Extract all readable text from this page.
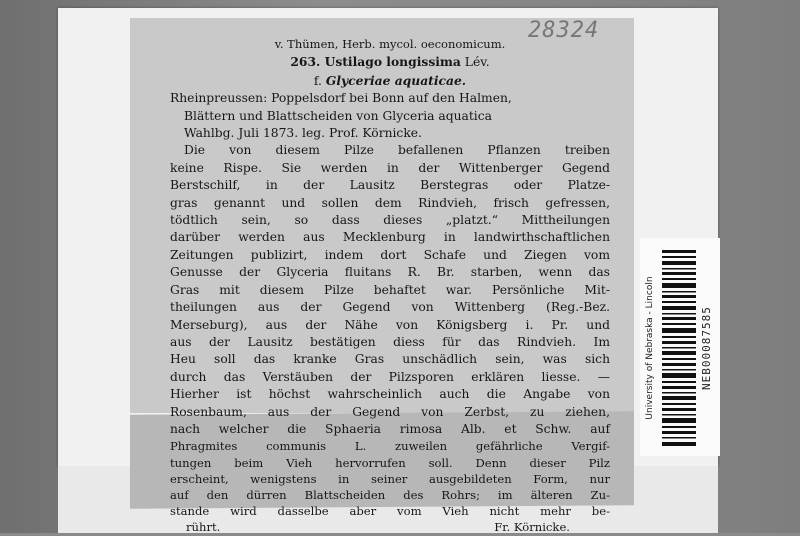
28324
v. Thümen, Herb. mycol. oeconomicum.
263. Ustilago longissima Lév.
f. Glyceriae aquaticae.
Rheinpreussen: Poppelsdorf bei Bonn auf den Halmen,
Blättern und Blattscheiden von Glyceria aquatica
Wahlbg. Juli 1873. leg. Prof. Körnicke.
Die von diesem Pilze befallenen Pflanzen treiben
keine Rispe. Sie werden in der Wittenberger Gegend
Berstschilf, in der Lausitz Berstegras oder Platze-
gras genannt und sollen dem Rindvieh, frisch gefressen,
tödtlich sein, so dass dieses „platzt.“ Mittheilungen
darüber werden aus Mecklenburg in landwirthschaftlichen
Zeitungen publizirt, indem dort Schafe und Ziegen vom
Genusse der Glyceria fluitans R. Br. starben, wenn das
Gras mit diesem Pilze behaftet war. Persönliche Mit-
theilungen aus der Gegend von Wittenberg (Reg.-Bez.
Merseburg), aus der Nähe von Königsberg i. Pr. und
aus der Lausitz bestätigen diess für das Rindvieh. Im
Heu soll das kranke Gras unschädlich sein, was sich
durch das Verstäuben der Pilzsporen erklären liesse. —
Hierher ist höchst wahrscheinlich auch die Angabe von
Rosenbaum, aus der Gegend von Zerbst, zu ziehen,
nach welcher die Sphaeria rimosa Alb. et Schw. auf
Phragmites communis L. zuweilen gefährliche Vergif-
tungen beim Vieh hervorrufen soll. Denn dieser Pilz
erscheint, wenigstens in seiner ausgebildeten Form, nur
auf den dürren Blattscheiden des Rohrs; im älteren Zu-
stande wird dasselbe aber vom Vieh nicht mehr be-
rührt.	Fr. Körnicke.
University of Nebraska - Lincoln	NEB00087585
